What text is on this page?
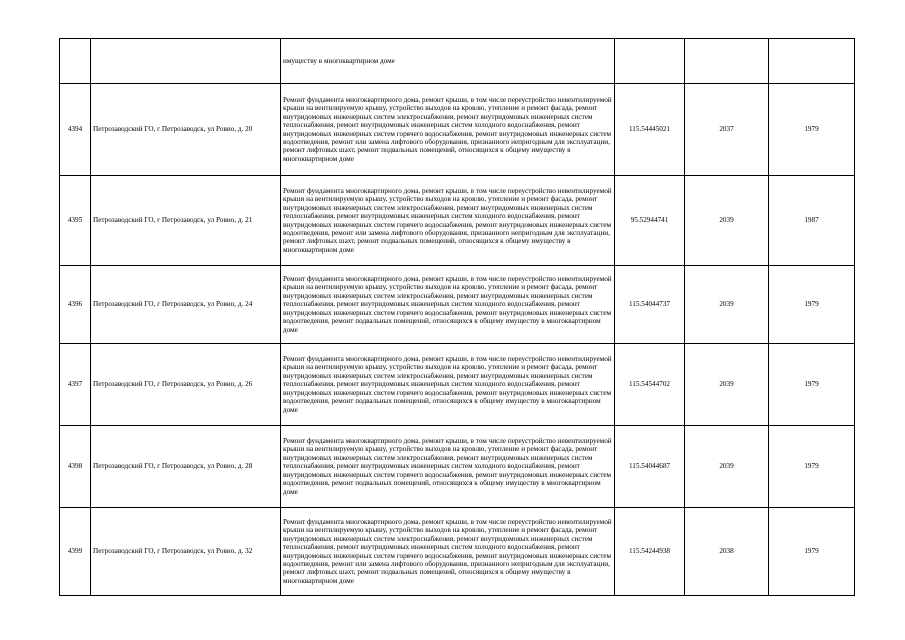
		имуществу в многоквартирном доме			
4394	Петрозаводский ГО, г Петрозаводск, ул Ровио, д. 20	Ремонт фундамента многоквартирного дома, ремонт крыши, в том числе переустройство невентилируемой крыши на вентилируемую крышу, устройство выходов на кровлю, утепление и ремонт фасада, ремонт внутридомовых инженерных систем электроснабжения, ремонт внутридомовых инженерных систем теплоснабжения, ремонт внутридомовых инженерных систем холодного водоснабжения, ремонт внутридомовых инженерных систем горячего водоснабжения, ремонт внутридомовых инженерных систем водоотведения, ремонт или замена лифтового оборудования, признанного непригодным для эксплуатации, ремонт лифтовых шахт, ремонт подвальных помещений, относящихся к общему имуществу в многоквартирном доме	115.54445021	2037	1979
4395	Петрозаводский ГО, г Петрозаводск, ул Ровио, д. 21	Ремонт фундамента многоквартирного дома, ремонт крыши, в том числе переустройство невентилируемой крыши на вентилируемую крышу, устройство выходов на кровлю, утепление и ремонт фасада, ремонт внутридомовых инженерных систем электроснабжения, ремонт внутридомовых инженерных систем теплоснабжения, ремонт внутридомовых инженерных систем холодного водоснабжения, ремонт внутридомовых инженерных систем горячего водоснабжения, ремонт внутридомовых инженерных систем водоотведения, ремонт или замена лифтового оборудования, признанного непригодным для эксплуатации, ремонт лифтовых шахт, ремонт подвальных помещений, относящихся к общему имуществу в многоквартирном доме	95.52944741	2039	1987
4396	Петрозаводский ГО, г Петрозаводск, ул Ровио, д. 24	Ремонт фундамента многоквартирного дома, ремонт крыши, в том числе переустройство невентилируемой крыши на вентилируемую крышу, устройство выходов на кровлю, утепление и ремонт фасада, ремонт внутридомовых инженерных систем электроснабжения, ремонт внутридомовых инженерных систем теплоснабжения, ремонт внутридомовых инженерных систем холодного водоснабжения, ремонт внутридомовых инженерных систем горячего водоснабжения, ремонт внутридомовых инженерных систем водоотведения, ремонт подвальных помещений, относящихся к общему имуществу в многоквартирном доме	115.54044737	2039	1979
4397	Петрозаводский ГО, г Петрозаводск, ул Ровио, д. 26	Ремонт фундамента многоквартирного дома, ремонт крыши, в том числе переустройство невентилируемой крыши на вентилируемую крышу, устройство выходов на кровлю, утепление и ремонт фасада, ремонт внутридомовых инженерных систем электроснабжения, ремонт внутридомовых инженерных систем теплоснабжения, ремонт внутридомовых инженерных систем холодного водоснабжения, ремонт внутридомовых инженерных систем горячего водоснабжения, ремонт внутридомовых инженерных систем водоотведения, ремонт подвальных помещений, относящихся к общему имуществу в многоквартирном доме	115.54544702	2039	1979
4398	Петрозаводский ГО, г Петрозаводск, ул Ровио, д. 28	Ремонт фундамента многоквартирного дома, ремонт крыши, в том числе переустройство невентилируемой крыши на вентилируемую крышу, устройство выходов на кровлю, утепление и ремонт фасада, ремонт внутридомовых инженерных систем электроснабжения, ремонт внутридомовых инженерных систем теплоснабжения, ремонт внутридомовых инженерных систем холодного водоснабжения, ремонт внутридомовых инженерных систем горячего водоснабжения, ремонт внутридомовых инженерных систем водоотведения, ремонт подвальных помещений, относящихся к общему имуществу в многоквартирном доме	115.54044687	2039	1979
4399	Петрозаводский ГО, г Петрозаводск, ул Ровио, д. 32	Ремонт фундамента многоквартирного дома, ремонт крыши, в том числе переустройство невентилируемой крыши на вентилируемую крышу, устройство выходов на кровлю, утепление и ремонт фасада, ремонт внутридомовых инженерных систем электроснабжения, ремонт внутридомовых инженерных систем теплоснабжения, ремонт внутридомовых инженерных систем холодного водоснабжения, ремонт внутридомовых инженерных систем горячего водоснабжения, ремонт внутридомовых инженерных систем водоотведения, ремонт или замена лифтового оборудования, признанного непригодным для эксплуатации, ремонт лифтовых шахт, ремонт подвальных помещений, относящихся к общему имуществу в многоквартирном доме	115.54244938	2038	1979
